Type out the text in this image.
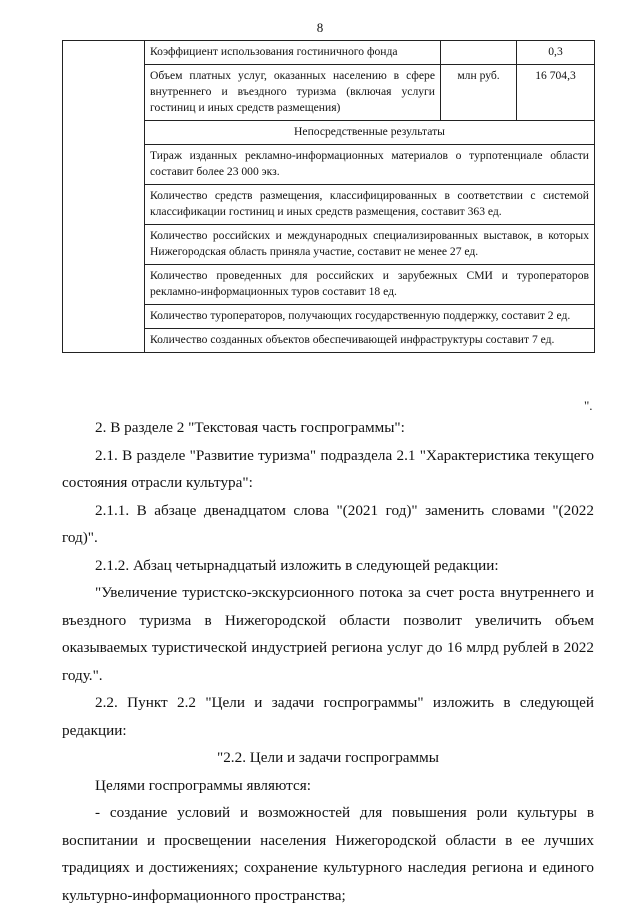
8
	Коэффициент использования гостиничного фонда		0,3
	Объем платных услуг, оказанных населению в сфере внутреннего и въездного туризма (включая услуги гостиниц и иных средств размещения)	млн руб.	16 704,3
	Непосредственные результаты		
	Тираж изданных рекламно-информационных материалов о турпотенциале области составит более 23 000 экз.		
	Количество средств размещения, классифицированных в соответствии с системой классификации гостиниц и иных средств размещения, составит 363 ед.		
	Количество российских и международных специализированных выставок, в которых Нижегородская область приняла участие, составит не менее 27 ед.		
	Количество проведенных для российских и зарубежных СМИ и туроператоров рекламно-информационных туров составит 18 ед.		
	Количество туроператоров, получающих государственную поддержку, составит 2 ед.		
	Количество созданных объектов обеспечивающей инфраструктуры составит 7 ед.		
".

2. В разделе 2 "Текстовая часть госпрограммы":

2.1. В разделе "Развитие туризма" подраздела 2.1 "Характеристика текущего состояния отрасли культура":

2.1.1. В абзаце двенадцатом слова "(2021 год)" заменить словами "(2022 год)".

2.1.2. Абзац четырнадцатый изложить в следующей редакции:

"Увеличение туристско-экскурсионного потока за счет роста внутреннего и въездного туризма в Нижегородской области позволит увеличить объем оказываемых туристической индустрией региона услуг до 16 млрд рублей в 2022 году.".

2.2. Пункт 2.2 "Цели и задачи госпрограммы" изложить в следующей редакции:

"2.2. Цели и задачи госпрограммы

Целями госпрограммы являются:

- создание условий и возможностей для повышения роли культуры в воспитании и просвещении населения Нижегородской области в ее лучших традициях и достижениях; сохранение культурного наследия региона и единого культурно-информационного пространства;
